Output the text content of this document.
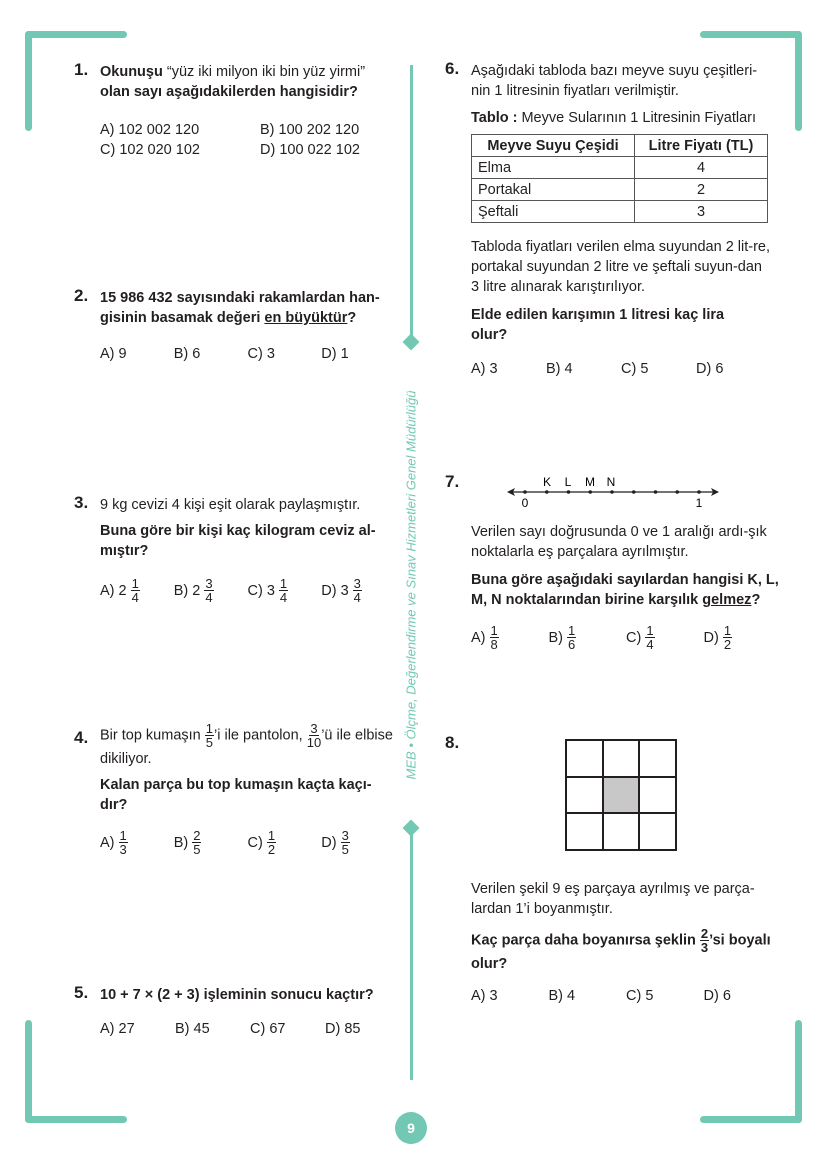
MEB • Ölçme, Değerlendirme ve Sınav Hizmetleri Genel Müdürlüğü
9
1. Okunuşu “yüz iki milyon iki bin yüz yirmi”
olan sayı aşağıdakilerden hangisidir?
A) 102 002 120	B) 100 202 120
C) 102 020 102	D) 100 022 102
2. 15 986 432 sayısındaki rakamlardan han-gisinin basamak değeri en büyüktür?
A) 9	B) 6	C) 3	D) 1
3. 9 kg cevizi 4 kişi eşit olarak paylaşmıştır.
Buna göre bir kişi kaç kilogram ceviz al-mıştır?
A) $2 \frac{1}{4} B$) $2 \frac{3}{4} C$) $3 \frac{1}{4} D$) $3 \frac{3}{4}$
4. Bir top kumaşın $\frac{1}{5}$ ’i ile pantolon, $\frac{3}{10}$ ’ü ile elbise dikiliyor.
Kalan parça bu top kumaşın kaçta kaçı-dır?
$A) \frac{1}{3}$	$B) \frac{2}{5}$	$C) \frac{1}{2}$	$D) \frac{3}{5}$
5. 10 + 7 × (2 + 3) işleminin sonucu kaçtır?
A) 27	B) 45	C) 67	D) 85
6. Aşağıdaki tabloda bazı meyve suyu çeşitleri-nin 1 litresinin fiyatları verilmiştir.
Tablo : Meyve Sularının 1 Litresinin Fiyatları
Meyve Suyu Çeşidi	Litre Fiyatı (TL)
Elma	4
Portakal	2
Şeftali	3
Tabloda fiyatları verilen elma suyundan 2 lit-re, portakal suyundan 2 litre ve şeftali suyun-dan 3 litre alınarak karıştırılıyor.
Elde edilen karışımın 1 litresi kaç lira olur?
A) 3	B) 4	C) 5	D) 6
7.	K L M N
0	1
Verilen sayı doğrusunda 0 ve 1 aralığı ardı-şık noktalarla eş parçalara ayrılmıştır.
Buna göre aşağıdaki sayılardan hangisi K, L, M, N noktalarından birine karşılık gelmez?
$A) \frac{1}{8}$	$B) \frac{1}{6}$	$C) \frac{1}{4}$	$D) \frac{1}{2}$
8.
Verilen şekil 9 eş parçaya ayrılmış ve parça-lardan 1’i boyanmıştır.
Kaç parça daha boyanırsa şeklin $\frac{2}{3}$ ’si boyalı olur?
A) 3	B) 4	C) 5	D) 6
